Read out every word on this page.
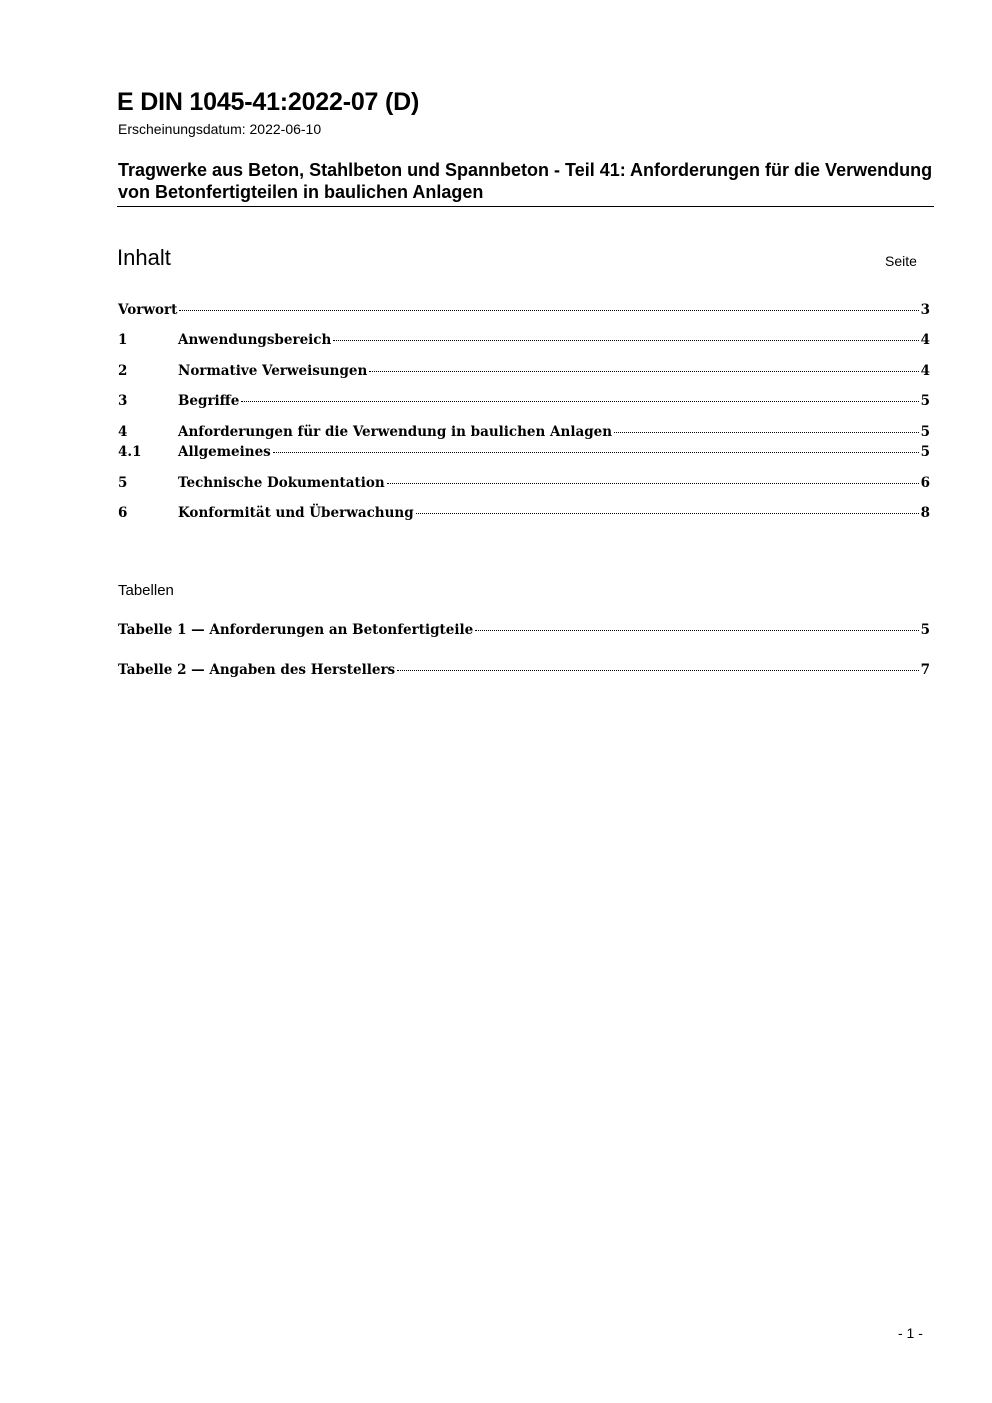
E DIN 1045-41:2022-07 (D)
Erscheinungsdatum: 2022-06-10
Tragwerke aus Beton, Stahlbeton und Spannbeton - Teil 41: Anforderungen für die Verwendung von Betonfertigteilen in baulichen Anlagen
Inhalt	Seite
Vorwort	3
1	Anwendungsbereich	4
2	Normative Verweisungen	4
3	Begriffe	5
4	Anforderungen für die Verwendung in baulichen Anlagen	5
4.1	Allgemeines	5
5	Technische Dokumentation	6
6	Konformität und Überwachung	8
Tabellen
Tabelle 1 — Anforderungen an Betonfertigteile	5
Tabelle 2 — Angaben des Herstellers	7
- 1 -
